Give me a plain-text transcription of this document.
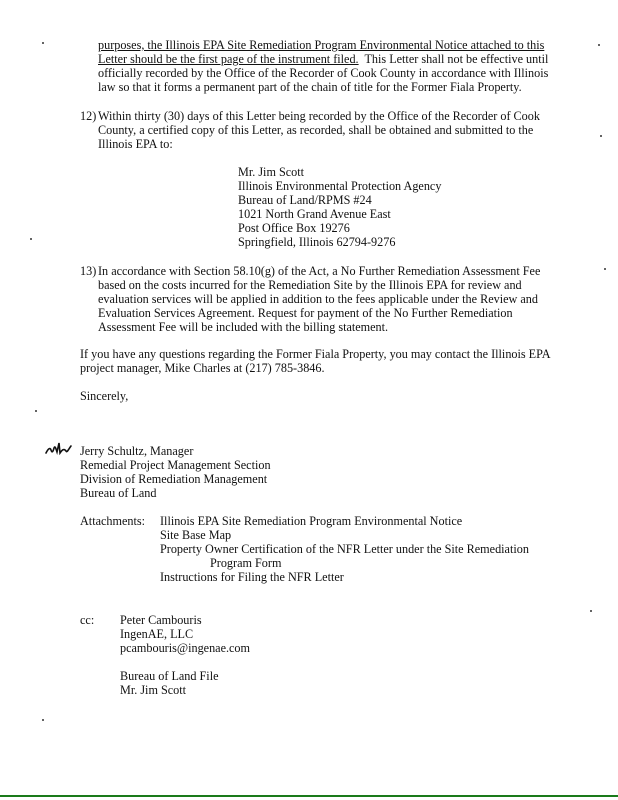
purposes, the Illinois EPA Site Remediation Program Environmental Notice attached to this
Letter should be the first page of the instrument filed.  This Letter shall not be effective until
officially recorded by the Office of the Recorder of Cook County in accordance with Illinois
law so that it forms a permanent part of the chain of title for the Former Fiala Property.
12) Within thirty (30) days of this Letter being recorded by the Office of the Recorder of Cook
County, a certified copy of this Letter, as recorded, shall be obtained and submitted to the
Illinois EPA to:
Mr. Jim Scott
Illinois Environmental Protection Agency
Bureau of Land/RPMS #24
1021 North Grand Avenue East
Post Office Box 19276
Springfield, Illinois 62794-9276
13) In accordance with Section 58.10(g) of the Act, a No Further Remediation Assessment Fee
based on the costs incurred for the Remediation Site by the Illinois EPA for review and
evaluation services will be applied in addition to the fees applicable under the Review and
Evaluation Services Agreement. Request for payment of the No Further Remediation
Assessment Fee will be included with the billing statement.
If you have any questions regarding the Former Fiala Property, you may contact the Illinois EPA
project manager, Mike Charles at (217) 785-3846.
Sincerely,
Jerry Schultz, Manager
Remedial Project Management Section
Division of Remediation Management
Bureau of Land
Attachments: Illinois EPA Site Remediation Program Environmental Notice
Site Base Map
Property Owner Certification of the NFR Letter under the Site Remediation
Program Form
Instructions for Filing the NFR Letter
cc: Peter Cambouris
IngenAE, LLC
pcambouris@ingenae.com
Bureau of Land File
Mr. Jim Scott
